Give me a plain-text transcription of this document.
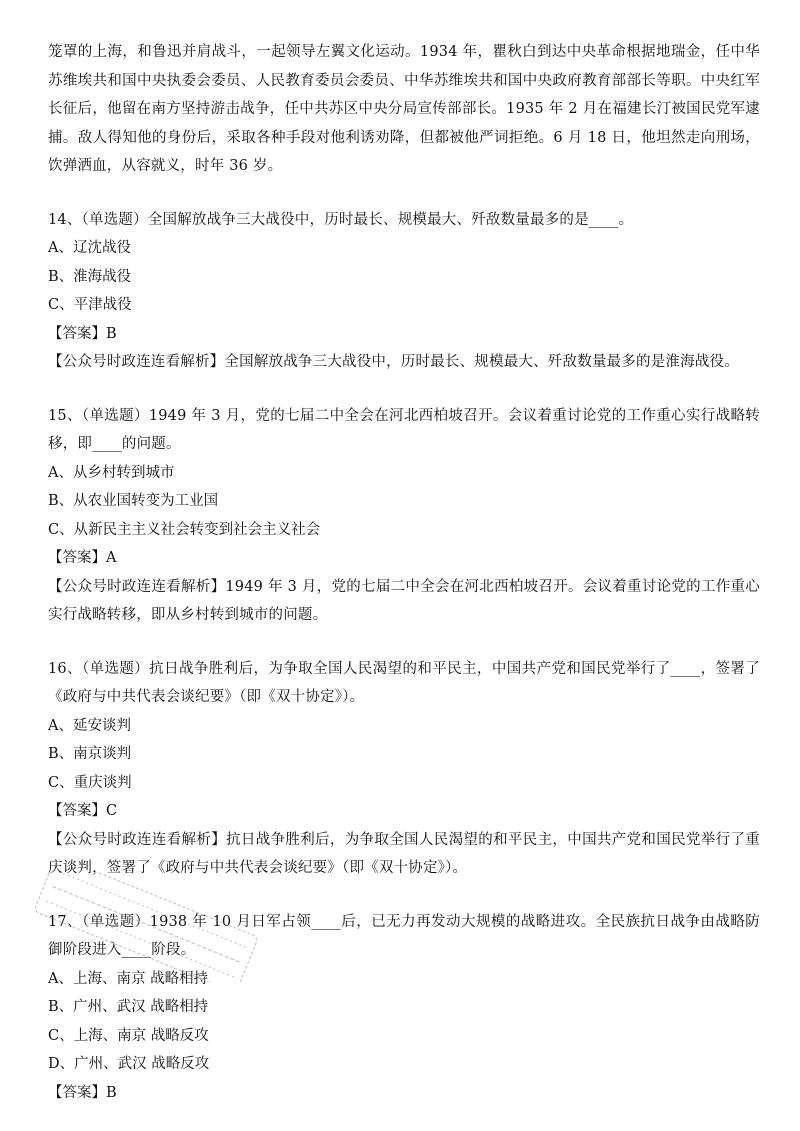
笼罩的上海，和鲁迅并肩战斗，一起领导左翼文化运动。1934 年，瞿秋白到达中央革命根据地瑞金，任中华苏维埃共和国中央执委会委员、人民教育委员会委员、中华苏维埃共和国中央政府教育部部长等职。中央红军长征后，他留在南方坚持游击战争，任中共苏区中央分局宣传部部长。1935 年 2 月在福建长汀被国民党军逮捕。敌人得知他的身份后，采取各种手段对他利诱劝降，但都被他严词拒绝。6 月 18 日，他坦然走向刑场，饮弹洒血，从容就义，时年 36 岁。
14、（单选题）全国解放战争三大战役中，历时最长、规模最大、歼敌数量最多的是____。
A、辽沈战役
B、淮海战役
C、平津战役
【答案】B
【公众号时政连连看解析】全国解放战争三大战役中，历时最长、规模最大、歼敌数量最多的是淮海战役。
15、（单选题）1949 年 3 月，党的七届二中全会在河北西柏坡召开。会议着重讨论党的工作重心实行战略转移，即____的问题。
A、从乡村转到城市
B、从农业国转变为工业国
C、从新民主主义社会转变到社会主义社会
【答案】A
【公众号时政连连看解析】1949 年 3 月，党的七届二中全会在河北西柏坡召开。会议着重讨论党的工作重心实行战略转移，即从乡村转到城市的问题。
16、（单选题）抗日战争胜利后，为争取全国人民渴望的和平民主，中国共产党和国民党举行了____，签署了《政府与中共代表会谈纪要》（即《双十协定》）。
A、延安谈判
B、南京谈判
C、重庆谈判
【答案】C
【公众号时政连连看解析】抗日战争胜利后，为争取全国人民渴望的和平民主，中国共产党和国民党举行了重庆谈判，签署了《政府与中共代表会谈纪要》（即《双十协定》）。
17、（单选题）1938 年 10 月日军占领____后，已无力再发动大规模的战略进攻。全民族抗日战争由战略防御阶段进入____阶段。
A、上海、南京 战略相持
B、广州、武汉 战略相持
C、上海、南京 战略反攻
D、广州、武汉 战略反攻
【答案】B
